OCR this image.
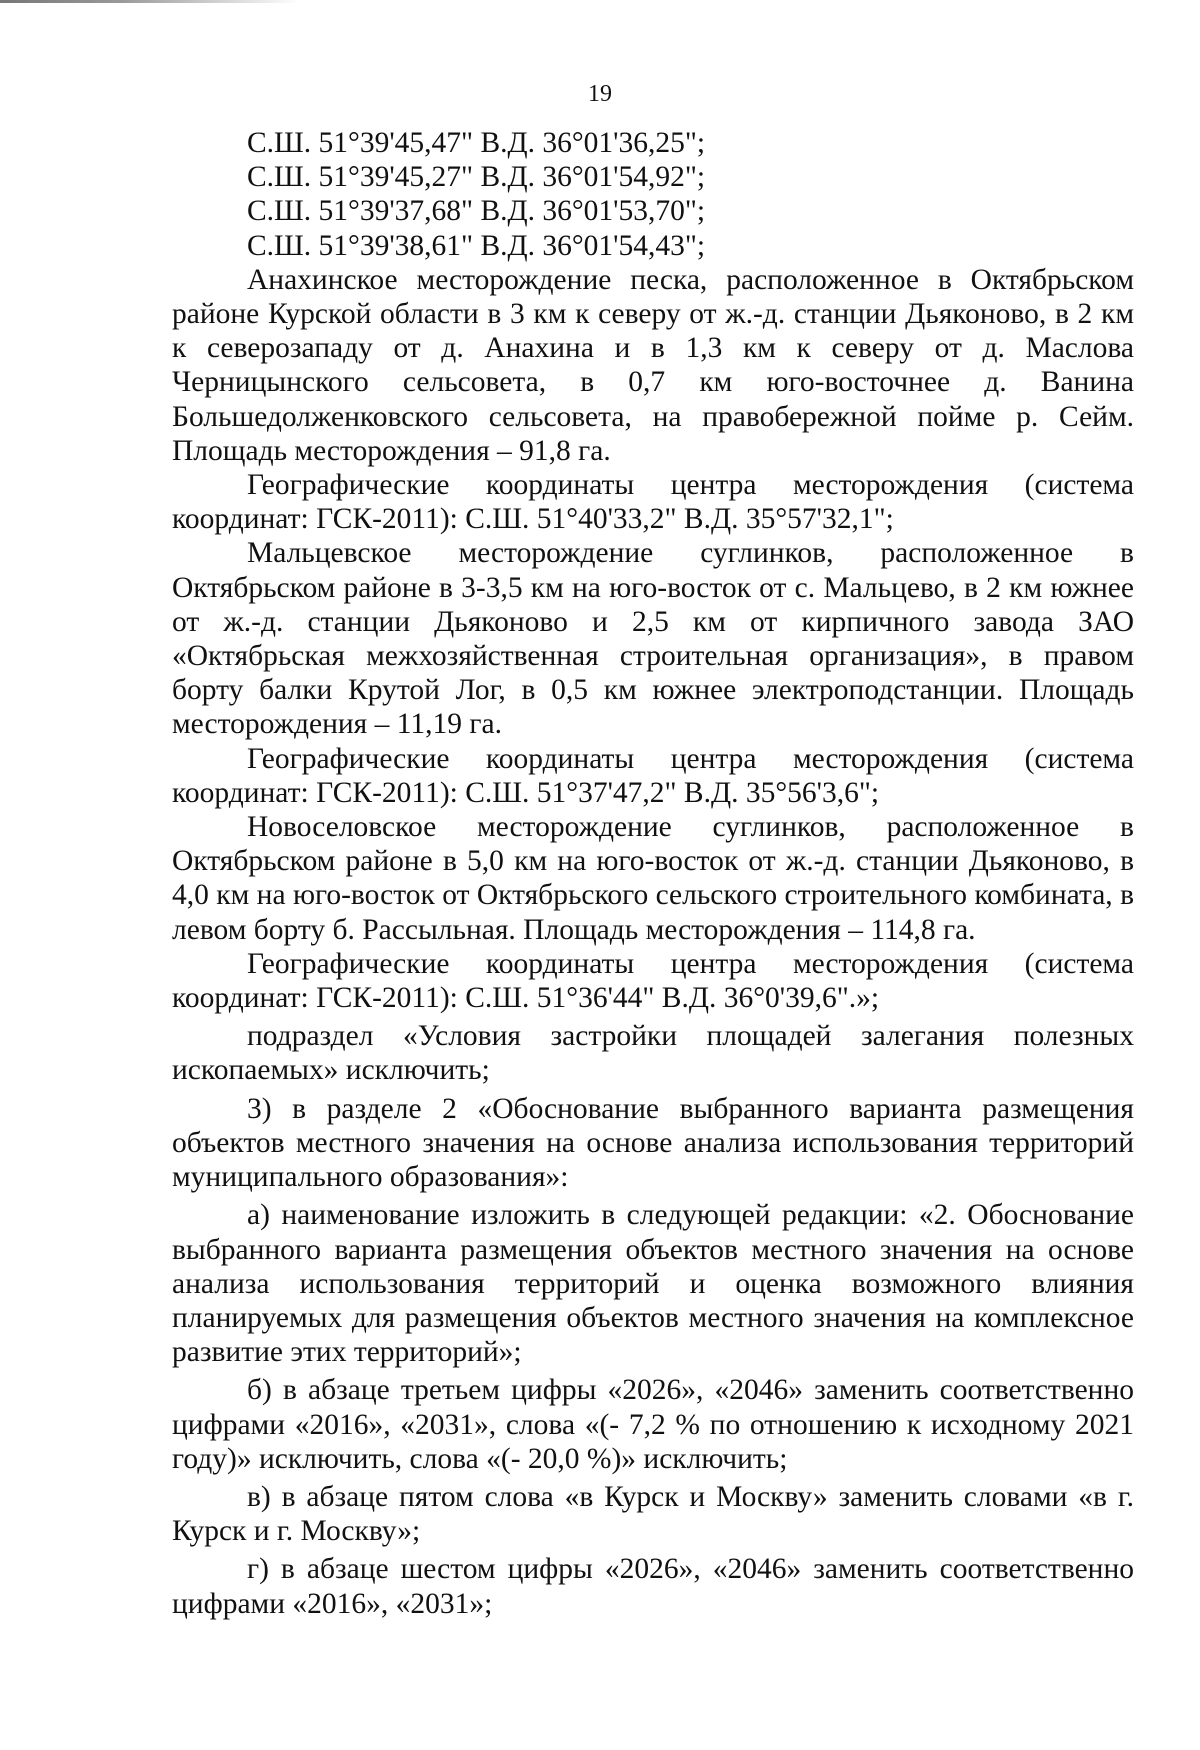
19
С.Ш. 51°39'45,47" В.Д. 36°01'36,25";
С.Ш. 51°39'45,27" В.Д. 36°01'54,92";
С.Ш. 51°39'37,68" В.Д. 36°01'53,70";
С.Ш. 51°39'38,61" В.Д. 36°01'54,43";

Анахинское месторождение песка, расположенное в Октябрьском районе Курской области в 3 км к северу от ж.-д. станции Дьяконово, в 2 км к северозападу от д. Анахина и в 1,3 км к северу от д. Маслова Черницынского сельсовета, в 0,7 км юго-восточнее д. Ванина Большедолженковского сельсовета, на правобережной пойме р. Сейм. Площадь месторождения – 91,8 га.

Географические координаты центра месторождения (система координат: ГСК-2011): С.Ш. 51°40'33,2" В.Д. 35°57'32,1";

Мальцевское месторождение суглинков, расположенное в Октябрьском районе в 3-3,5 км на юго-восток от с. Мальцево, в 2 км южнее от ж.-д. станции Дьяконово и 2,5 км от кирпичного завода ЗАО «Октябрьская межхозяйственная строительная организация», в правом борту балки Крутой Лог, в 0,5 км южнее электроподстанции. Площадь месторождения – 11,19 га.

Географические координаты центра месторождения (система координат: ГСК-2011): С.Ш. 51°37'47,2" В.Д. 35°56'3,6";

Новоселовское месторождение суглинков, расположенное в Октябрьском районе в 5,0 км на юго-восток от ж.-д. станции Дьяконово, в 4,0 км на юго-восток от Октябрьского сельского строительного комбината, в левом борту б. Рассыльная. Площадь месторождения – 114,8 га.

Географические координаты центра месторождения (система координат: ГСК-2011): С.Ш. 51°36'44" В.Д. 36°0'39,6".»;

подраздел «Условия застройки площадей залегания полезных ископаемых» исключить;

3) в разделе 2 «Обоснование выбранного варианта размещения объектов местного значения на основе анализа использования территорий муниципального образования»:

а) наименование изложить в следующей редакции: «2. Обоснование выбранного варианта размещения объектов местного значения на основе анализа использования территорий и оценка возможного влияния планируемых для размещения объектов местного значения на комплексное развитие этих территорий»;

б) в абзаце третьем цифры «2026», «2046» заменить соответственно цифрами «2016», «2031», слова «(- 7,2 % по отношению к исходному 2021 году)» исключить, слова «(- 20,0 %)» исключить;

в) в абзаце пятом слова «в Курск и Москву» заменить словами «в г. Курск и г. Москву»;

г) в абзаце шестом цифры «2026», «2046» заменить соответственно цифрами «2016», «2031»;
